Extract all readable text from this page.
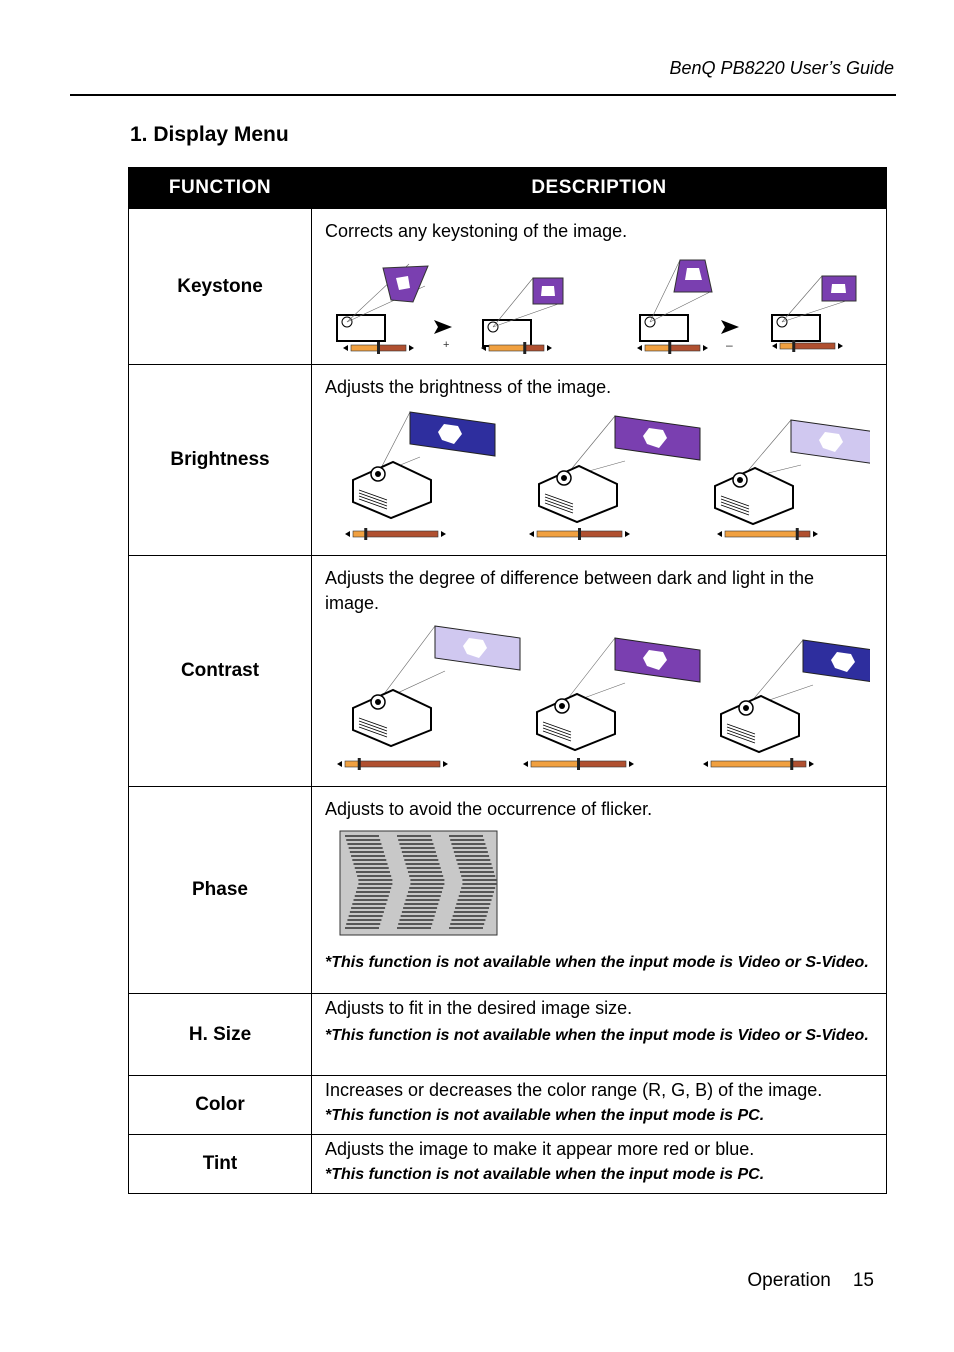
BenQ PB8220 User’s Guide
1. Display Menu
FUNCTION	DESCRIPTION
Keystone	Corrects any keystoning of the image.
+ –

Brightness	Adjusts the brightness of the image.

Contrast	Adjusts the degree of difference between dark and light in the image.

Phase	Adjusts to avoid the occurrence of flicker.
*This function is not available when the input mode is Video or S-Video.

H. Size	Adjusts to fit in the desired image size.
*This function is not available when the input mode is Video or S-Video.

Color	Increases or decreases the color range (R, G, B) of the image.
*This function is not available when the input mode is PC.

Tint	Adjusts the image to make it appear more red or blue.
*This function is not available when the input mode is PC.
Operation 15
